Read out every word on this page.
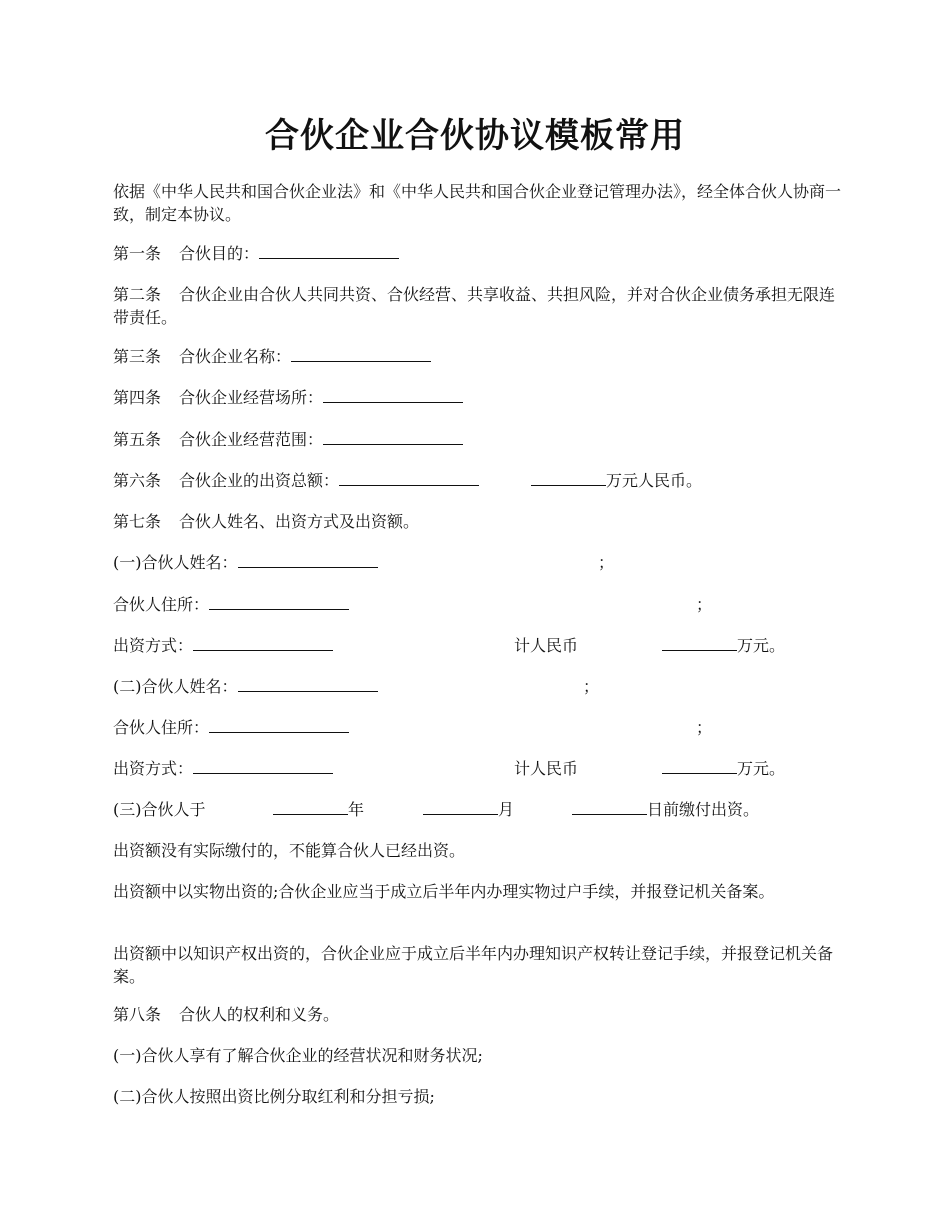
合伙企业合伙协议模板常用
依据《中华人民共和国合伙企业法》和《中华人民共和国合伙企业登记管理办法》，经全体合伙人协商一致，制定本协议。
第一条 合伙目的：
第二条 合伙企业由合伙人共同共资、合伙经营、共享收益、共担风险，并对合伙企业债务承担无限连带责任。
第三条 合伙企业名称：
第四条 合伙企业经营场所：
第五条 合伙企业经营范围：
第六条 合伙企业的出资总额：	万元人民币。
第七条 合伙人姓名、出资方式及出资额。
(一)合伙人姓名：	；
合伙人住所：	；
出资方式：	计人民币	万元。
(二)合伙人姓名：	；
合伙人住所：	；
出资方式：	计人民币	万元。
(三)合伙人于	年	月	日前缴付出资。
出资额没有实际缴付的，不能算合伙人已经出资。
出资额中以实物出资的;合伙企业应当于成立后半年内办理实物过户手续，并报登记机关备案。
出资额中以知识产权出资的，合伙企业应于成立后半年内办理知识产权转让登记手续，并报登记机关备案。
第八条 合伙人的权利和义务。
(一)合伙人享有了解合伙企业的经营状况和财务状况;
(二)合伙人按照出资比例分取红利和分担亏损;
